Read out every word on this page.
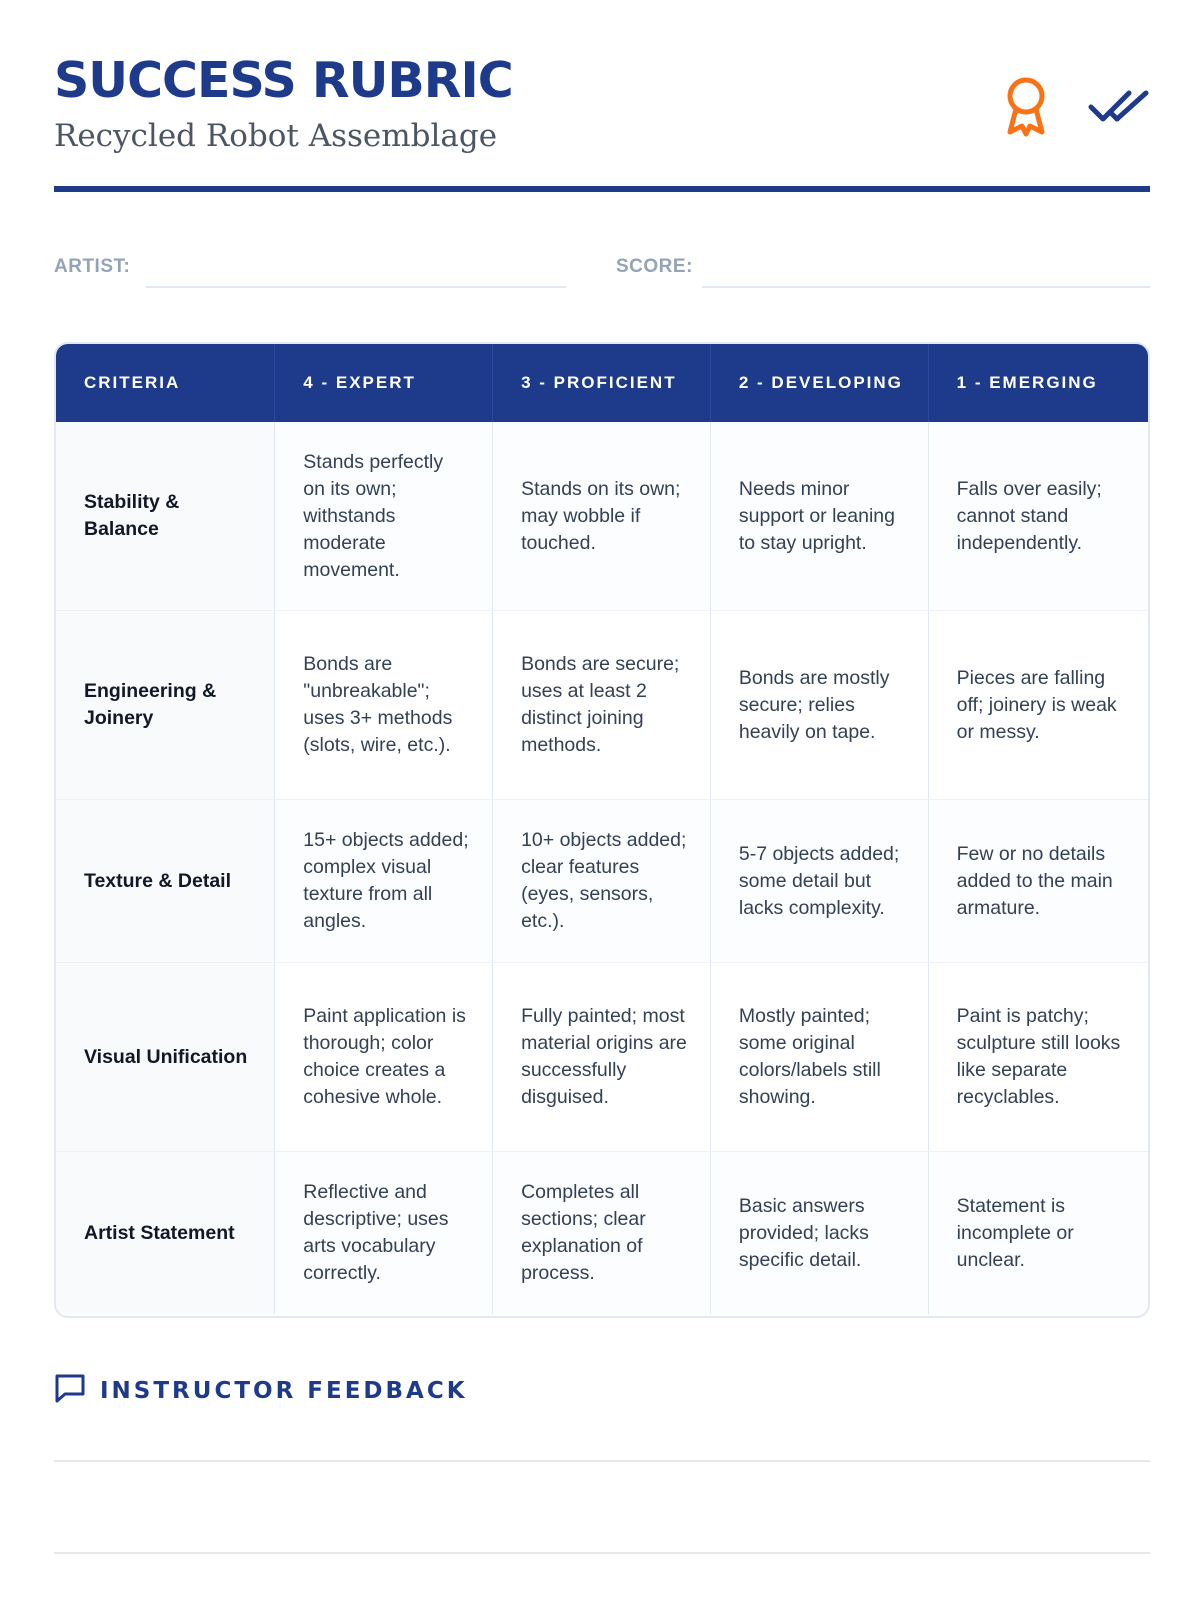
SUCCESS RUBRIC
Recycled Robot Assemblage
ARTIST:	SCORE:
CRITERIA	4 - EXPERT	3 - PROFICIENT	2 - DEVELOPING	1 - EMERGING
Stability & Balance	Stands perfectly on its own; withstands moderate movement.	Stands on its own; may wobble if touched.	Needs minor support or leaning to stay upright.	Falls over easily; cannot stand independently.
Engineering & Joinery	Bonds are "unbreakable"; uses 3+ methods (slots, wire, etc.).	Bonds are secure; uses at least 2 distinct joining methods.	Bonds are mostly secure; relies heavily on tape.	Pieces are falling off; joinery is weak or messy.
Texture & Detail	15+ objects added; complex visual texture from all angles.	10+ objects added; clear features (eyes, sensors, etc.).	5-7 objects added; some detail but lacks complexity.	Few or no details added to the main armature.
Visual Unification	Paint application is thorough; color choice creates a cohesive whole.	Fully painted; most material origins are successfully disguised.	Mostly painted; some original colors/labels still showing.	Paint is patchy; sculpture still looks like separate recyclables.
Artist Statement	Reflective and descriptive; uses arts vocabulary correctly.	Completes all sections; clear explanation of process.	Basic answers provided; lacks specific detail.	Statement is incomplete or unclear.
INSTRUCTOR FEEDBACK
